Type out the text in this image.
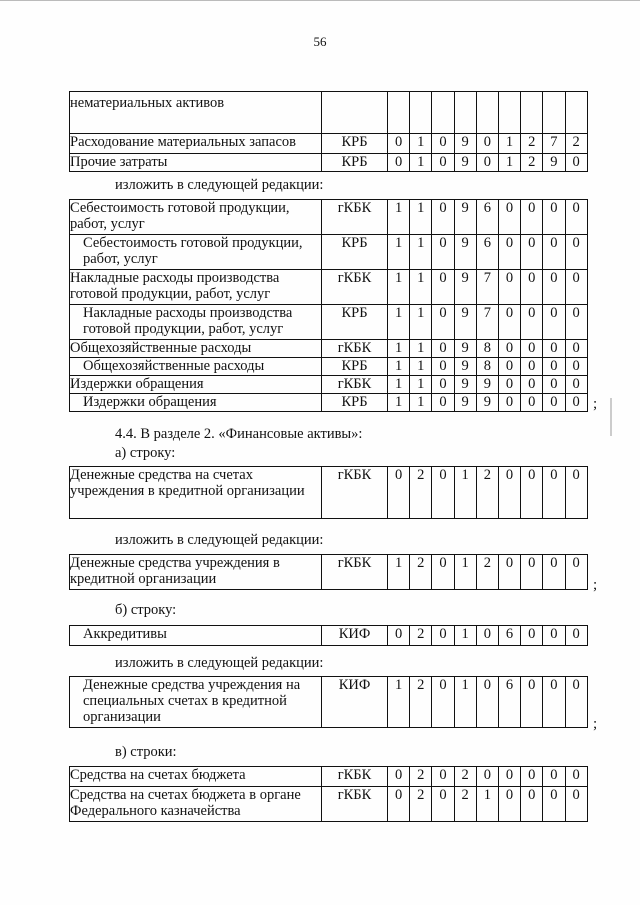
56
нематериальных активов										
Расходование материальных запасов	КРБ	0	1	0	9	0	1	2	7	2
Прочие затраты	КРБ	0	1	0	9	0	1	2	9	0
изложить в следующей редакции:
Себестоимость готовой продукции, работ, услуг	гКБК	1	1	0	9	6	0	0	0	0
Себестоимость готовой продукции, работ, услуг	КРБ	1	1	0	9	6	0	0	0	0
Накладные расходы производства готовой продукции, работ, услуг	гКБК	1	1	0	9	7	0	0	0	0
Накладные расходы производства готовой продукции, работ, услуг	КРБ	1	1	0	9	7	0	0	0	0
Общехозяйственные расходы	гКБК	1	1	0	9	8	0	0	0	0
Общехозяйственные расходы	КРБ	1	1	0	9	8	0	0	0	0
Издержки обращения	гКБК	1	1	0	9	9	0	0	0	0
Издержки обращения	КРБ	1	1	0	9	9	0	0	0	0 ;
4.4. В разделе 2. «Финансовые активы»:
а) строку:
Денежные средства на счетах учреждения в кредитной организации	гКБК	0	2	0	1	2	0	0	0	0
изложить в следующей редакции:
Денежные средства учреждения в кредитной организации	гКБК	1	2	0	1	2	0	0	0	0
;
б) строку:
Аккредитивы	КИФ	0	2	0	1	0	6	0	0	0
изложить в следующей редакции:
Денежные средства учреждения на специальных счетах в кредитной организации	КИФ	1	2	0	1	0	6	0	0	0
;
в) строки:
Средства на счетах бюджета	гКБК	0	2	0	2	0	0	0	0	0
Средства на счетах бюджета в органе Федерального казначейства	гКБК	0	2	0	2	1	0	0	0	0
